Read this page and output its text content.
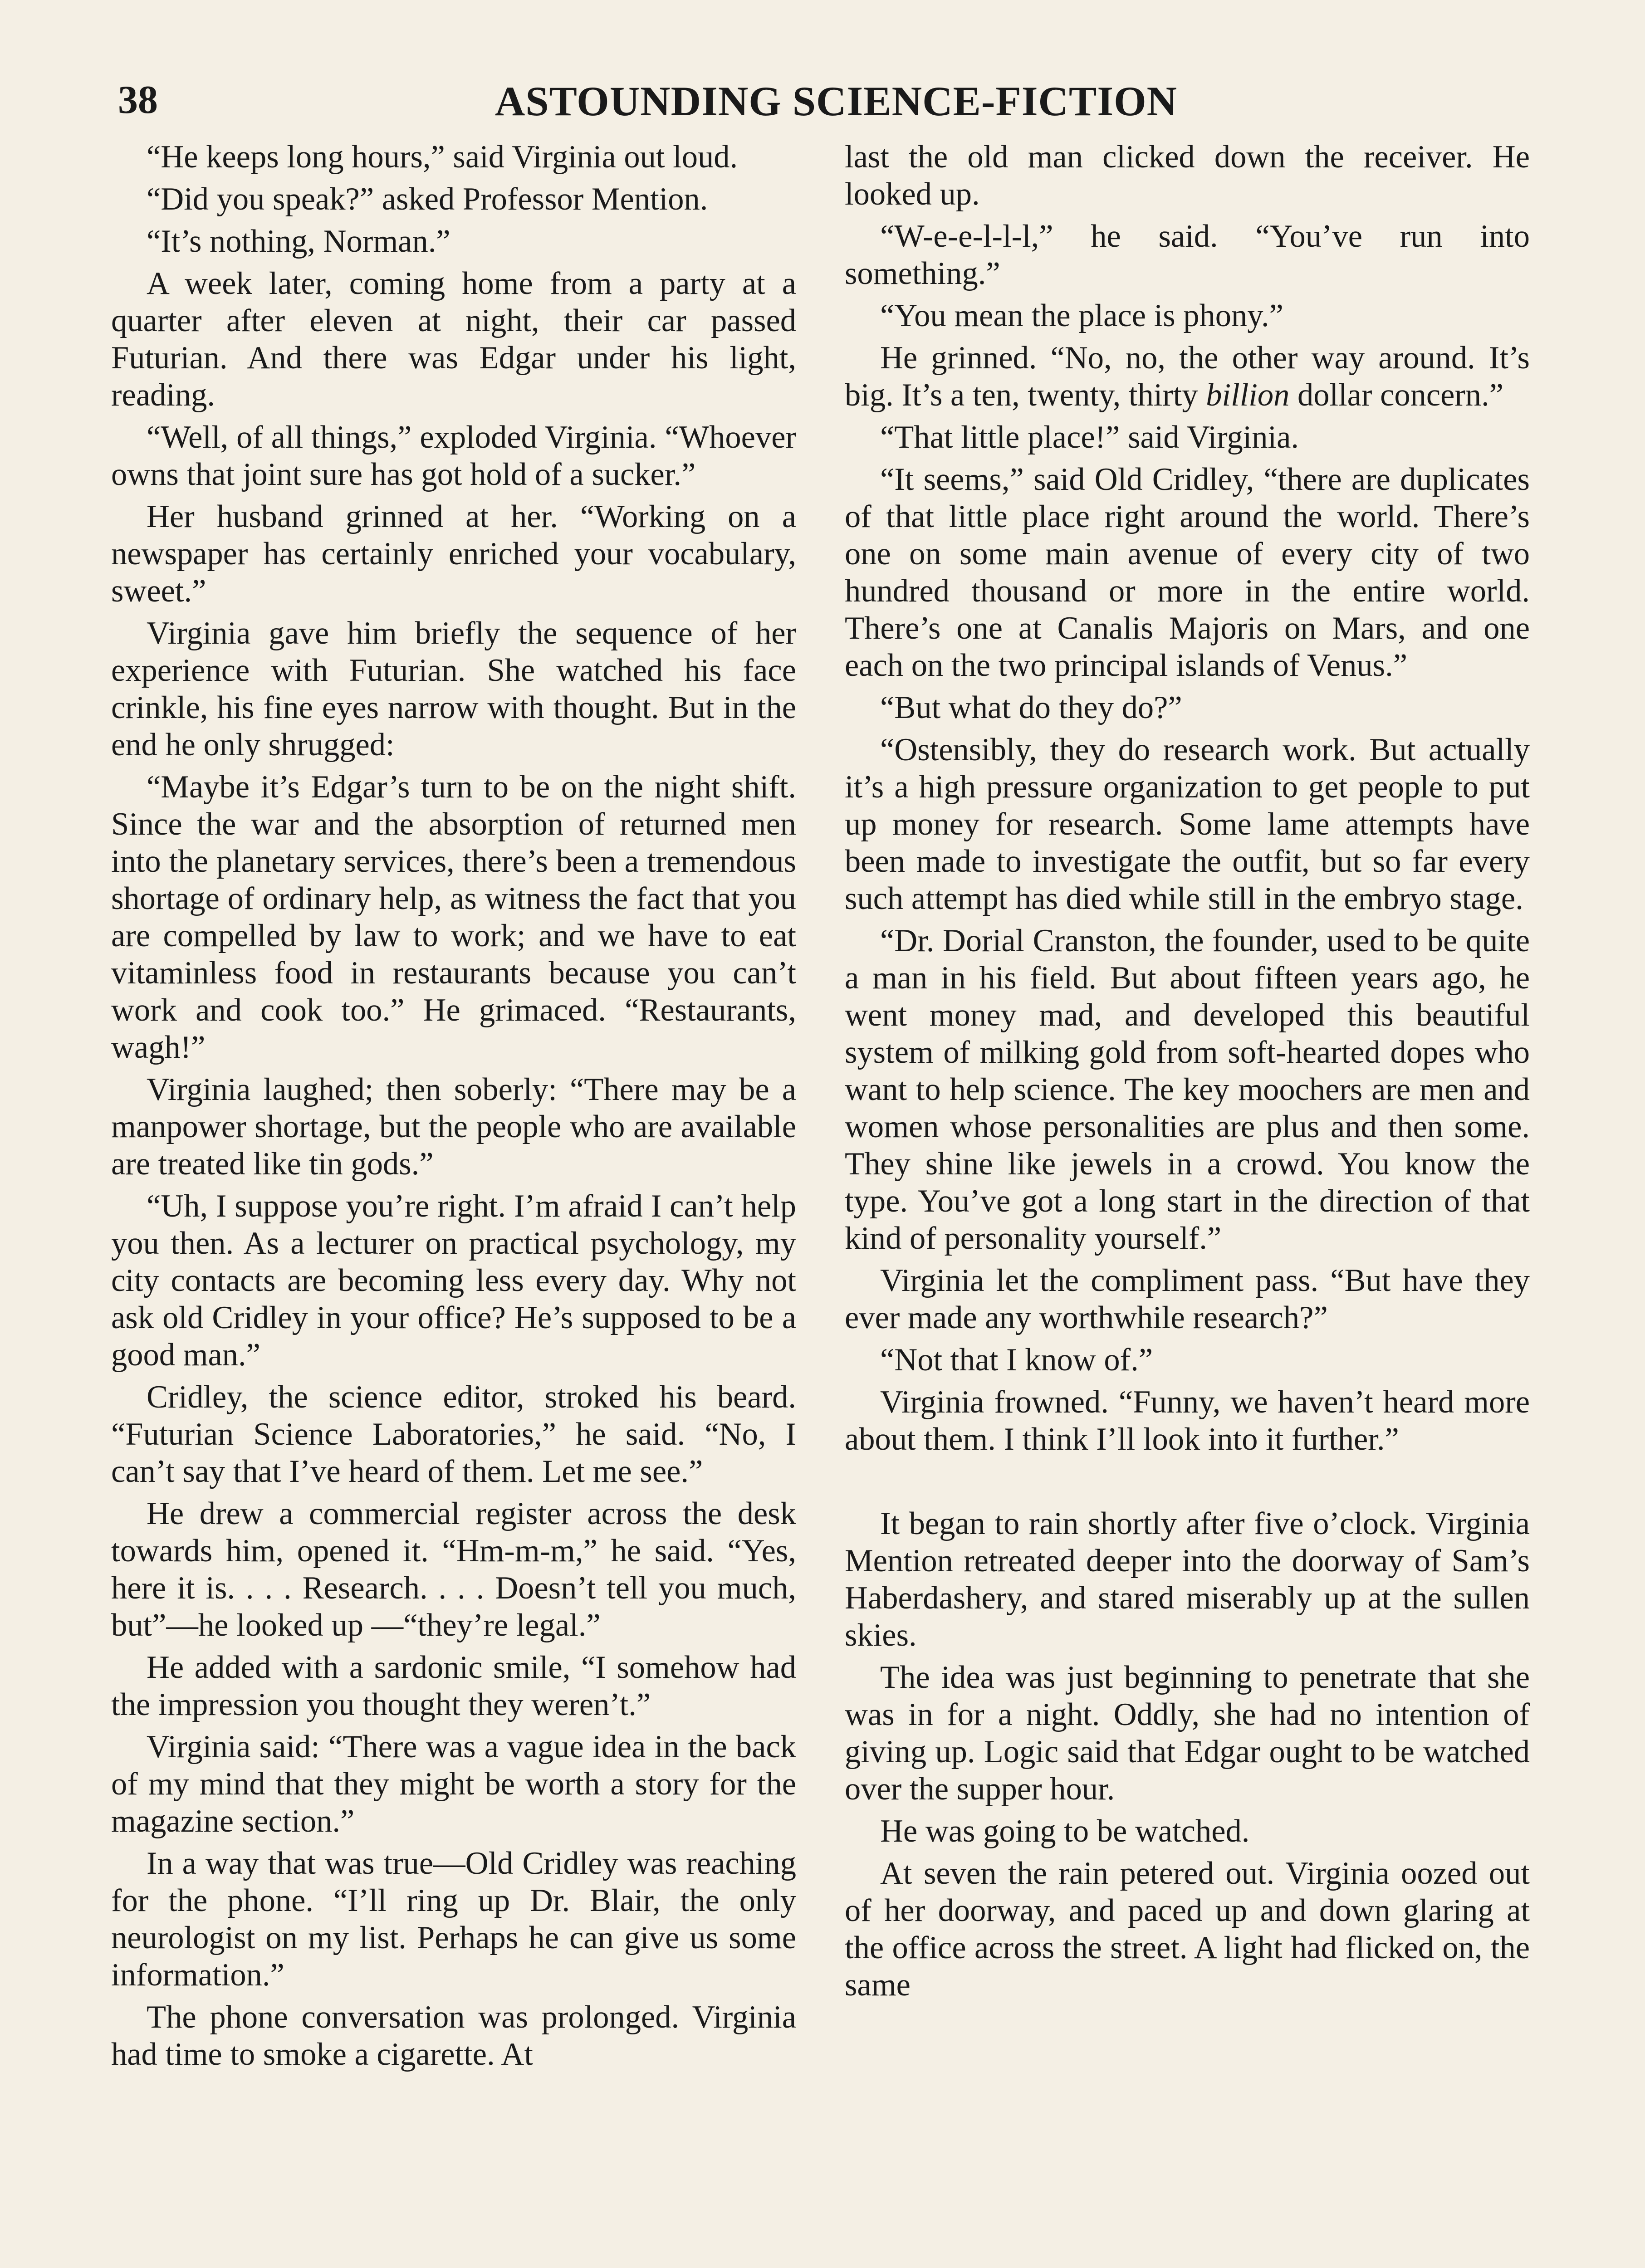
38	ASTOUNDING SCIENCE-FICTION

“He keeps long hours,” said Virginia out loud.

“Did you speak?” asked Professor Mention.

“It’s nothing, Norman.”

A week later, coming home from a party at a quarter after eleven at night, their car passed Futurian. And there was Edgar under his light, reading.

“Well, of all things,” exploded Virginia. “Whoever owns that joint sure has got hold of a sucker.”

Her husband grinned at her. “Working on a newspaper has certainly enriched your vocabulary, sweet.”

Virginia gave him briefly the sequence of her experience with Futurian. She watched his face crinkle, his fine eyes narrow with thought. But in the end he only shrugged:

“Maybe it’s Edgar’s turn to be on the night shift. Since the war and the absorption of returned men into the planetary services, there’s been a tremendous shortage of ordinary help, as witness the fact that you are compelled by law to work; and we have to eat vitaminless food in restaurants because you can’t work and cook too.” He grimaced. “Restaurants, wagh!”

Virginia laughed; then soberly: “There may be a manpower shortage, but the people who are available are treated like tin gods.”

“Uh, I suppose you’re right. I’m afraid I can’t help you then. As a lecturer on practical psychology, my city contacts are becoming less every day. Why not ask old Cridley in your office? He’s supposed to be a good man.”

Cridley, the science editor, stroked his beard. “Futurian Science Laboratories,” he said. “No, I can’t say that I’ve heard of them. Let me see.”

He drew a commercial register across the desk towards him, opened it. “Hm-m-m,” he said. “Yes, here it is. . . . Research. . . . Doesn’t tell you much, but”—he looked up —“they’re legal.”

He added with a sardonic smile, “I somehow had the impression you thought they weren’t.”

Virginia said: “There was a vague idea in the back of my mind that they might be worth a story for the magazine section.”

In a way that was true—Old Cridley was reaching for the phone. “I’ll ring up Dr. Blair, the only neurologist on my list. Perhaps he can give us some information.”

The phone conversation was prolonged. Virginia had time to smoke a cigarette. At

last the old man clicked down the receiver. He looked up.

“W-e-e-l-l-l,” he said. “You’ve run into something.”

“You mean the place is phony.”

He grinned. “No, no, the other way around. It’s big. It’s a ten, twenty, thirty billion dollar concern.”

“That little place!” said Virginia.

“It seems,” said Old Cridley, “there are duplicates of that little place right around the world. There’s one on some main avenue of every city of two hundred thousand or more in the entire world. There’s one at Canalis Majoris on Mars, and one each on the two principal islands of Venus.”

“But what do they do?”

“Ostensibly, they do research work. But actually it’s a high pressure organization to get people to put up money for research. Some lame attempts have been made to investigate the outfit, but so far every such attempt has died while still in the embryo stage.

“Dr. Dorial Cranston, the founder, used to be quite a man in his field. But about fifteen years ago, he went money mad, and developed this beautiful system of milking gold from soft-hearted dopes who want to help science. The key moochers are men and women whose personalities are plus and then some. They shine like jewels in a crowd. You know the type. You’ve got a long start in the direction of that kind of personality yourself.”

Virginia let the compliment pass. “But have they ever made any worthwhile research?”

“Not that I know of.”

Virginia frowned. “Funny, we haven’t heard more about them. I think I’ll look into it further.”

It began to rain shortly after five o’clock. Virginia Mention retreated deeper into the doorway of Sam’s Haberdashery, and stared miserably up at the sullen skies.

The idea was just beginning to penetrate that she was in for a night. Oddly, she had no intention of giving up. Logic said that Edgar ought to be watched over the supper hour.

He was going to be watched.

At seven the rain petered out. Virginia oozed out of her doorway, and paced up and down glaring at the office across the street. A light had flicked on, the same
